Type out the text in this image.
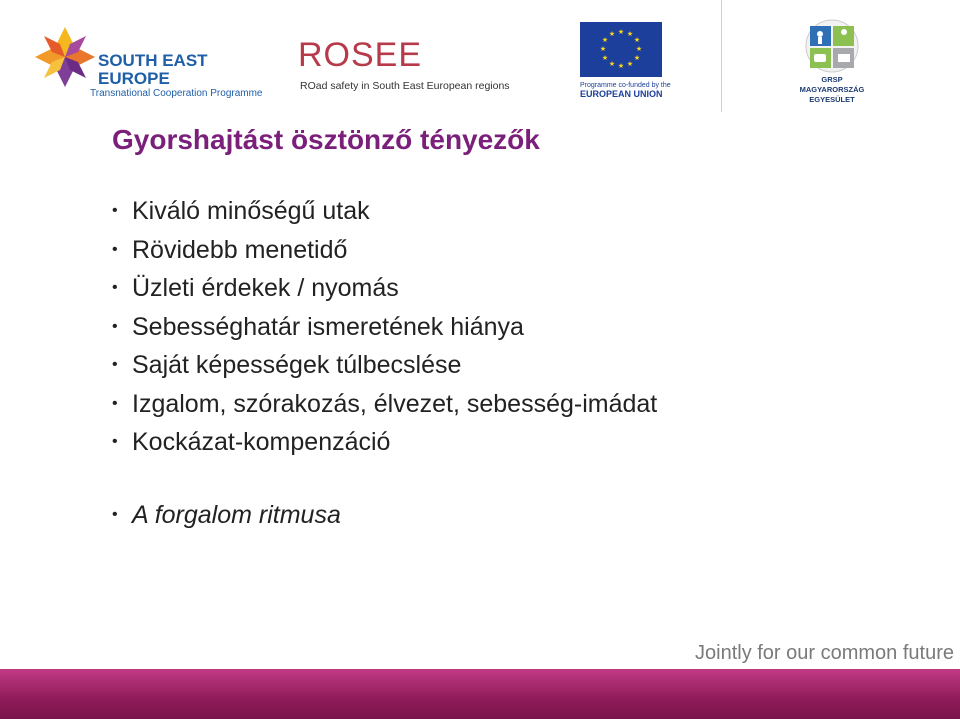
SOUTH EAST
EUROPE
Transnational Cooperation Programme
ROSEE
ROad safety in South East European regions
★ ★
★
★
★
★
★
★
★
★
★
★
Programme co-funded by the
EUROPEAN UNION
GRSP
MAGYARORSZÁG
EGYESÜLET
Gyorshajtást ösztönző tényezők
• Kiváló minőségű utak
• Rövidebb menetidő
• Üzleti érdekek / nyomás
• Sebességhatár ismeretének hiánya
• Saját képességek túlbecslése
• Izgalom, szórakozás, élvezet, sebesség-imádat
• Kockázat-kompenzáció
• A forgalom ritmusa
Jointly for our common future
